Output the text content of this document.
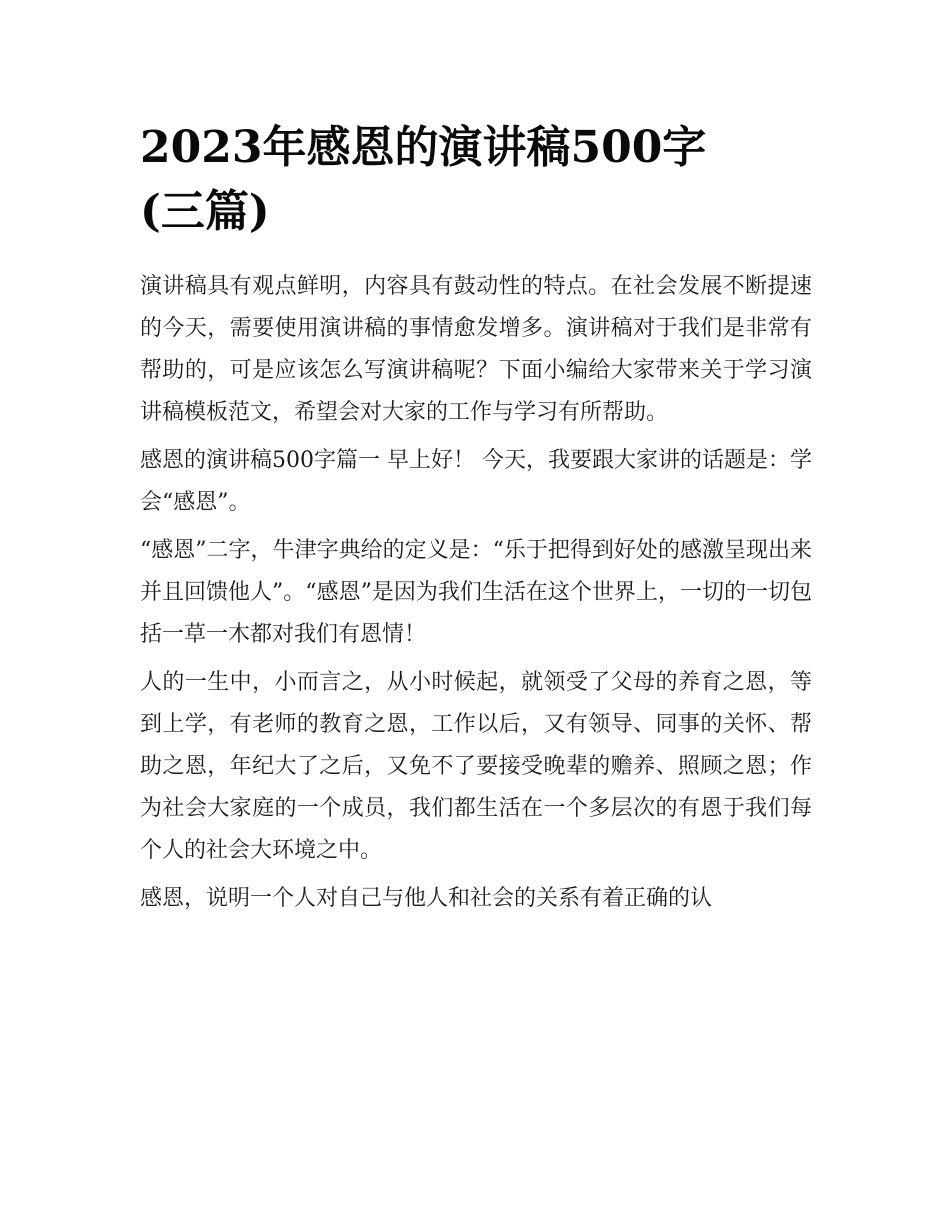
2023年感恩的演讲稿500字
(三篇)

演讲稿具有观点鲜明，内容具有鼓动性的特点。在社会发展不断提速的今天，需要使用演讲稿的事情愈发增多。演讲稿对于我们是非常有帮助的，可是应该怎么写演讲稿呢？下面小编给大家带来关于学习演讲稿模板范文，希望会对大家的工作与学习有所帮助。

感恩的演讲稿500字篇一 早上好！ 今天，我要跟大家讲的话题是：学会“感恩”。

“感恩”二字，牛津字典给的定义是：“乐于把得到好处的感激呈现出来并且回馈他人”。“感恩”是因为我们生活在这个世界上，一切的一切包括一草一木都对我们有恩情！

人的一生中，小而言之，从小时候起，就领受了父母的养育之恩，等到上学，有老师的教育之恩，工作以后，又有领导、同事的关怀、帮助之恩，年纪大了之后，又免不了要接受晚辈的赡养、照顾之恩；作为社会大家庭的一个成员，我们都生活在一个多层次的有恩于我们每个人的社会大环境之中。

感恩，说明一个人对自己与他人和社会的关系有着正确的认
